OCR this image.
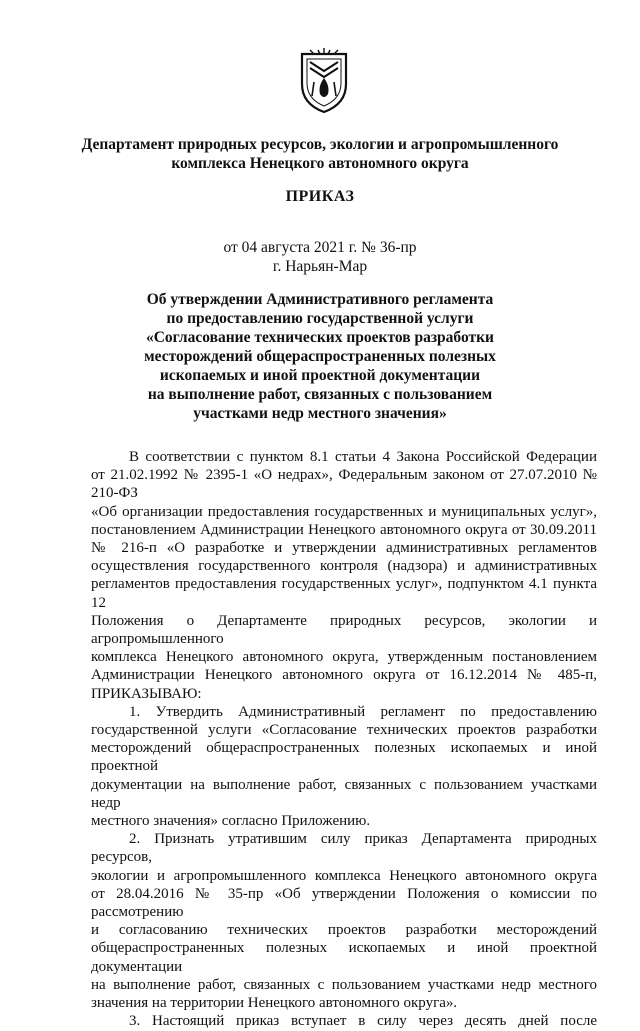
Департамент природных ресурсов, экологии и агропромышленного
комплекса Ненецкого автономного округа
ПРИКАЗ
от 04 августа 2021 г. № 36-пр
г. Нарьян-Мар
Об утверждении Административного регламента
по предоставлению государственной услуги
«Согласование технических проектов разработки
месторождений общераспространенных полезных
ископаемых и иной проектной документации
на выполнение работ, связанных с пользованием
участками недр местного значения»

В соответствии с пунктом 8.1 статьи 4 Закона Российской Федерации
от 21.02.1992 № 2395-1 «О недрах», Федеральным законом от 27.07.2010 № 210-ФЗ
«Об организации предоставления государственных и муниципальных услуг»,
постановлением Администрации Ненецкого автономного округа от 30.09.2011
№ 216-п «О разработке и утверждении административных регламентов
осуществления государственного контроля (надзора) и административных
регламентов предоставления государственных услуг», подпунктом 4.1 пункта 12
Положения о Департаменте природных ресурсов, экологии и агропромышленного
комплекса Ненецкого автономного округа, утвержденным постановлением
Администрации Ненецкого автономного округа от 16.12.2014 № 485-п,
ПРИКАЗЫВАЮ:

1. Утвердить Административный регламент по предоставлению
государственной услуги «Согласование технических проектов разработки
месторождений общераспространенных полезных ископаемых и иной проектной
документации на выполнение работ, связанных с пользованием участками недр
местного значения» согласно Приложению.

2. Признать утратившим силу приказ Департамента природных ресурсов,
экологии и агропромышленного комплекса Ненецкого автономного округа
от 28.04.2016 № 35-пр «Об утверждении Положения о комиссии по рассмотрению
и согласованию технических проектов разработки месторождений
общераспространенных полезных ископаемых и иной проектной документации
на выполнение работ, связанных с пользованием участками недр местного
значения на территории Ненецкого автономного округа».

3. Настоящий приказ вступает в силу через десять дней после
